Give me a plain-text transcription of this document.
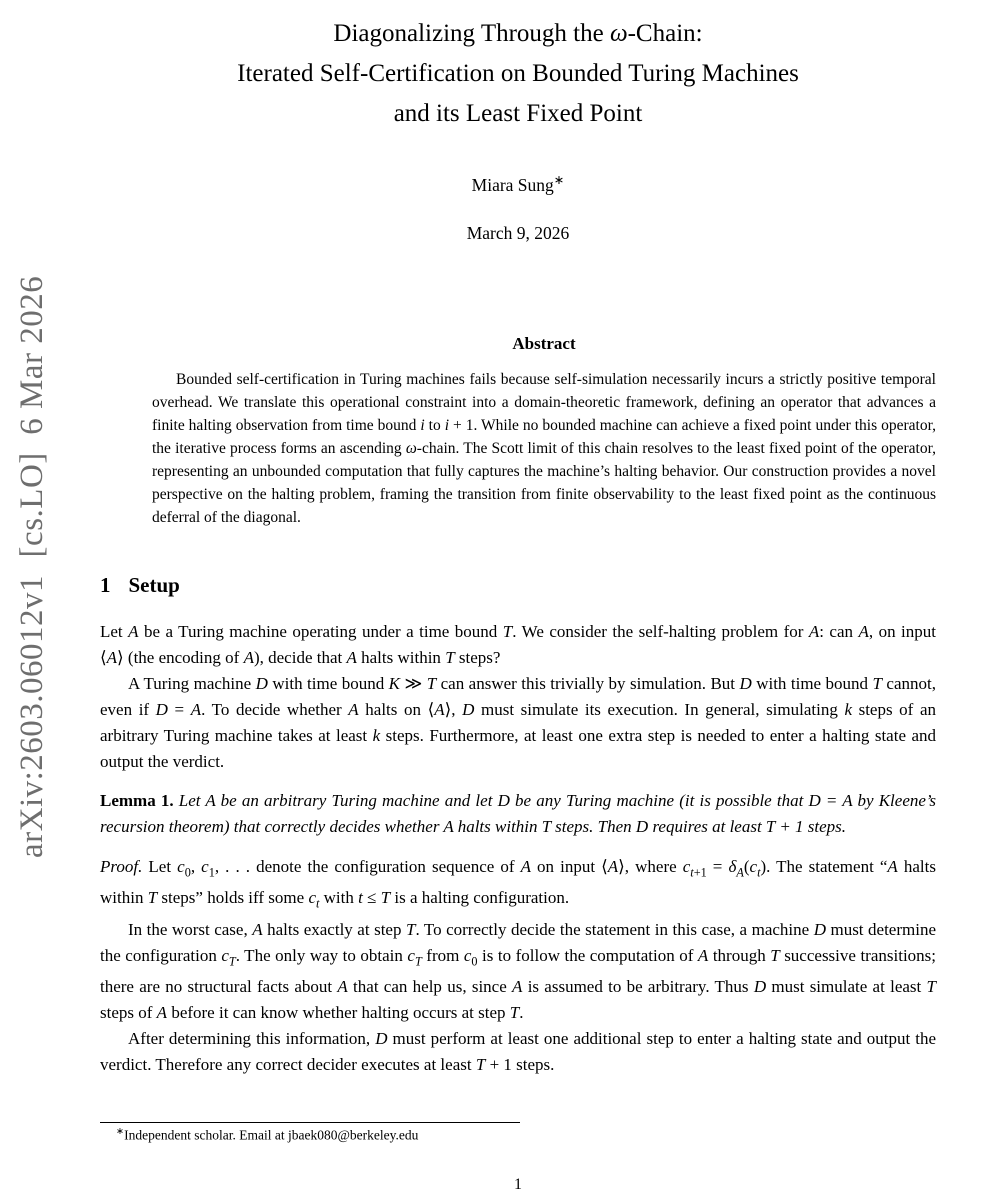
arXiv:2603.06012v1  [cs.LO]  6 Mar 2026
Diagonalizing Through the ω-Chain:
Iterated Self-Certification on Bounded Turing Machines
and its Least Fixed Point
Miara Sung∗
March 9, 2026
Abstract

Bounded self-certification in Turing machines fails because self-simulation necessarily incurs a strictly positive temporal overhead. We translate this operational constraint into a domain-theoretic framework, defining an operator that advances a finite halting observation from time bound i to i + 1. While no bounded machine can achieve a fixed point under this operator, the iterative process forms an ascending ω-chain. The Scott limit of this chain resolves to the least fixed point of the operator, representing an unbounded computation that fully captures the machine’s halting behavior. Our construction provides a novel perspective on the halting problem, framing the transition from finite observability to the least fixed point as the continuous deferral of the diagonal.

1 Setup

Let A be a Turing machine operating under a time bound T. We consider the self-halting problem for A: can A, on input ⟨A⟩ (the encoding of A), decide that A halts within T steps?

A Turing machine D with time bound K ≫ T can answer this trivially by simulation. But D with time bound T cannot, even if D = A. To decide whether A halts on ⟨A⟩, D must simulate its execution. In general, simulating k steps of an arbitrary Turing machine takes at least k steps. Furthermore, at least one extra step is needed to enter a halting state and output the verdict.

Lemma 1. Let A be an arbitrary Turing machine and let D be any Turing machine (it is possible that D = A by Kleene’s recursion theorem) that correctly decides whether A halts within T steps. Then D requires at least T + 1 steps.

Proof. Let $c_0$, $c_1$, . . . denote the configuration sequence of A on input ⟨A⟩, where $c_{t+1} = \delta_A(c_t)$. The statement “A halts within T steps” holds iff some $c_t$ with t ≤ T is a halting configuration.

In the worst case, A halts exactly at step T. To correctly decide the statement in this case, a machine D must determine the configuration $c_T$. The only way to obtain $c_T$ from $c_0$ is to follow the computation of A through T successive transitions; there are no structural facts about A that can help us, since A is assumed to be arbitrary. Thus D must simulate at least T steps of A before it can know whether halting occurs at step T.

After determining this information, D must perform at least one additional step to enter a halting state and output the verdict. Therefore any correct decider executes at least T + 1 steps.

∗Independent scholar. Email at jbaek080@berkeley.edu
1
